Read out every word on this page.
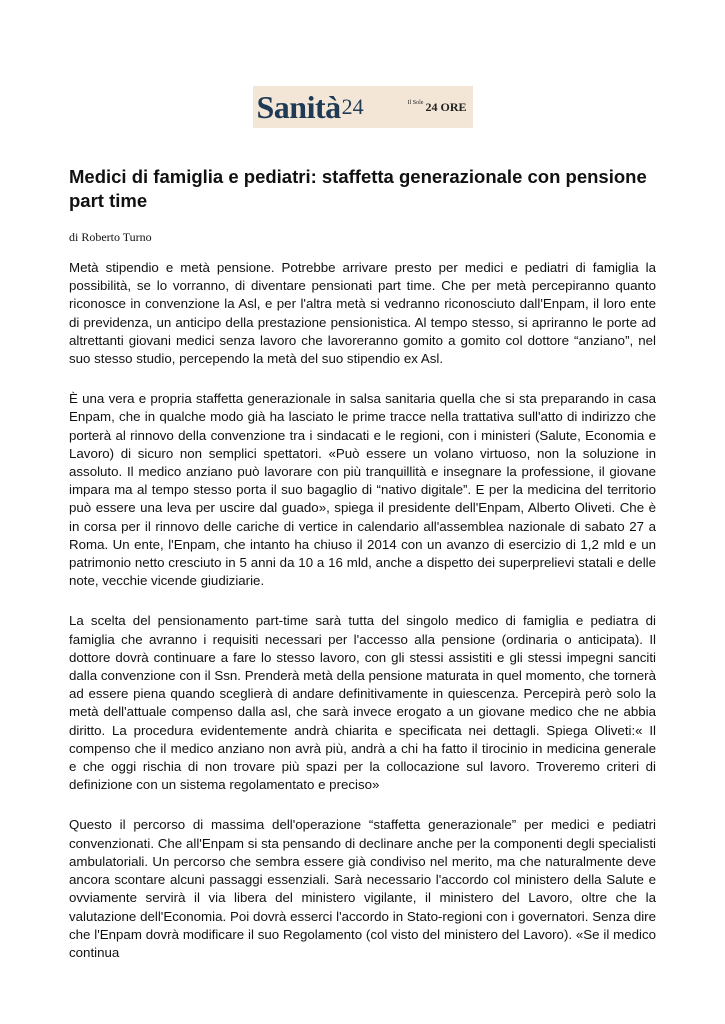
Sanità 24	Il Sole 24 ORE
Medici di famiglia e pediatri: staffetta generazionale con pensione part time
di Roberto Turno

Metà stipendio e metà pensione. Potrebbe arrivare presto per medici e pediatri di famiglia la possibilità, se lo vorranno, di diventare pensionati part time. Che per metà percepiranno quanto riconosce in convenzione la Asl, e per l'altra metà si vedranno riconosciuto dall'Enpam, il loro ente di previdenza, un anticipo della prestazione pensionistica. Al tempo stesso, si apriranno le porte ad altrettanti giovani medici senza lavoro che lavoreranno gomito a gomito col dottore “anziano”, nel suo stesso studio, percependo la metà del suo stipendio ex Asl.

È una vera e propria staffetta generazionale in salsa sanitaria quella che si sta preparando in casa Enpam, che in qualche modo già ha lasciato le prime tracce nella trattativa sull'atto di indirizzo che porterà al rinnovo della convenzione tra i sindacati e le regioni, con i ministeri (Salute, Economia e Lavoro) di sicuro non semplici spettatori. «Può essere un volano virtuoso, non la soluzione in assoluto. Il medico anziano può lavorare con più tranquillità e insegnare la professione, il giovane impara ma al tempo stesso porta il suo bagaglio di “nativo digitale”. E per la medicina del territorio può essere una leva per uscire dal guado», spiega il presidente dell'Enpam, Alberto Oliveti. Che è in corsa per il rinnovo delle cariche di vertice in calendario all'assemblea nazionale di sabato 27 a Roma. Un ente, l'Enpam, che intanto ha chiuso il 2014 con un avanzo di esercizio di 1,2 mld e un patrimonio netto cresciuto in 5 anni da 10 a 16 mld, anche a dispetto dei superprelievi statali e delle note, vecchie vicende giudiziarie.

La scelta del pensionamento part-time sarà tutta del singolo medico di famiglia e pediatra di famiglia che avranno i requisiti necessari per l'accesso alla pensione (ordinaria o anticipata). Il dottore dovrà continuare a fare lo stesso lavoro, con gli stessi assistiti e gli stessi impegni sanciti dalla convenzione con il Ssn. Prenderà metà della pensione maturata in quel momento, che tornerà ad essere piena quando sceglierà di andare definitivamente in quiescenza. Percepirà però solo la metà dell'attuale compenso dalla asl, che sarà invece erogato a un giovane medico che ne abbia diritto. La procedura evidentemente andrà chiarita e specificata nei dettagli. Spiega Oliveti:« Il compenso che il medico anziano non avrà più, andrà a chi ha fatto il tirocinio in medicina generale e che oggi rischia di non trovare più spazi per la collocazione sul lavoro. Troveremo criteri di definizione con un sistema regolamentato e preciso»

Questo il percorso di massima dell'operazione “staffetta generazionale” per medici e pediatri convenzionati. Che all'Enpam si sta pensando di declinare anche per la componenti degli specialisti ambulatoriali. Un percorso che sembra essere già condiviso nel merito, ma che naturalmente deve ancora scontare alcuni passaggi essenziali. Sarà necessario l'accordo col ministero della Salute e ovviamente servirà il via libera del ministero vigilante, il ministero del Lavoro, oltre che la valutazione dell'Economia. Poi dovrà esserci l'accordo in Stato-regioni con i governatori. Senza dire che l'Enpam dovrà modificare il suo Regolamento (col visto del ministero del Lavoro). «Se il medico continua
